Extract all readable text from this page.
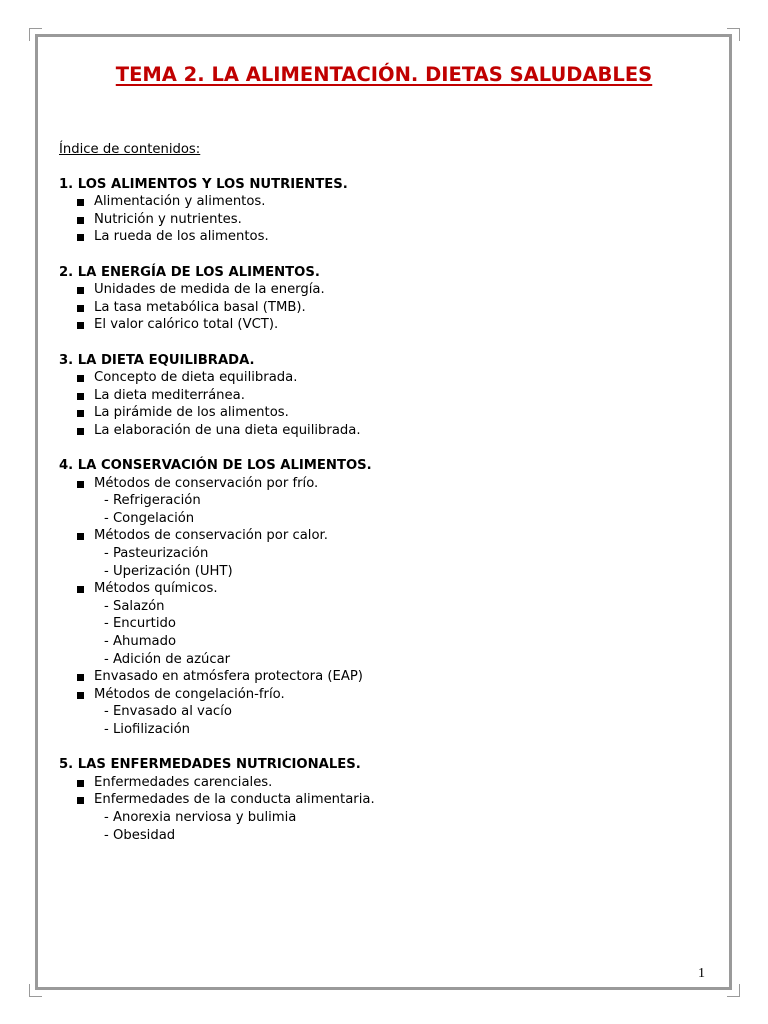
TEMA 2. LA ALIMENTACIÓN. DIETAS SALUDABLES
Índice de contenidos:
1. LOS ALIMENTOS Y LOS NUTRIENTES.
Alimentación y alimentos.
Nutrición y nutrientes.
La rueda de los alimentos.
2. LA ENERGÍA DE LOS ALIMENTOS.
Unidades de medida de la energía.
La tasa metabólica basal (TMB).
El valor calórico total (VCT).
3. LA DIETA EQUILIBRADA.
Concepto de dieta equilibrada.
La dieta mediterránea.
La pirámide de los alimentos.
La elaboración de una dieta equilibrada.
4. LA CONSERVACIÓN DE LOS ALIMENTOS.
Métodos de conservación por frío.
- Refrigeración
- Congelación
Métodos de conservación por calor.
- Pasteurización
- Uperización (UHT)
Métodos químicos.
- Salazón
- Encurtido
- Ahumado
- Adición de azúcar
Envasado en atmósfera protectora (EAP)
Métodos de congelación-frío.
- Envasado al vacío
- Liofilización
5. LAS ENFERMEDADES NUTRICIONALES.
Enfermedades carenciales.
Enfermedades de la conducta alimentaria.
- Anorexia nerviosa y bulimia
- Obesidad
1
